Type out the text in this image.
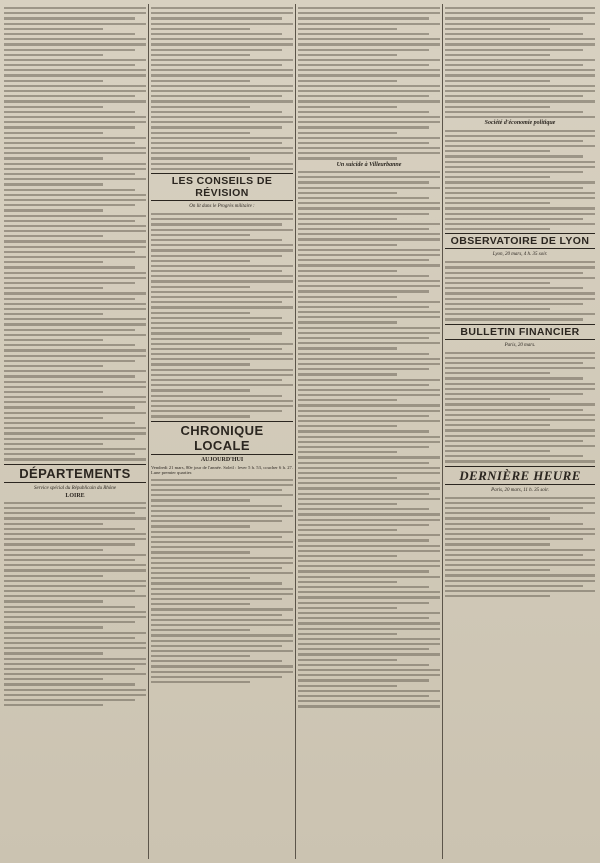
DÉPARTEMENTS
Service spécial du Républicain du Rhône
LOIRE
LES CONSEILS DE RÉVISION
On lit dans le Progrès militaire :
CHRONIQUE LOCALE
AUJOURD'HUI
Vendredi 21 mars, 80e jour de l'année. Soleil : lever 5 h. 53, coucher 6 h. 27. Lune premier quartier.
Un suicide à Villeurbanne
Société d'économie politique
OBSERVATOIRE DE LYON
Lyon, 20 mars, 4 h. 35 soir.
BULLETIN FINANCIER
Paris, 20 mars.
DERNIÈRE HEURE
Paris, 20 mars, 11 h. 35 soir.
